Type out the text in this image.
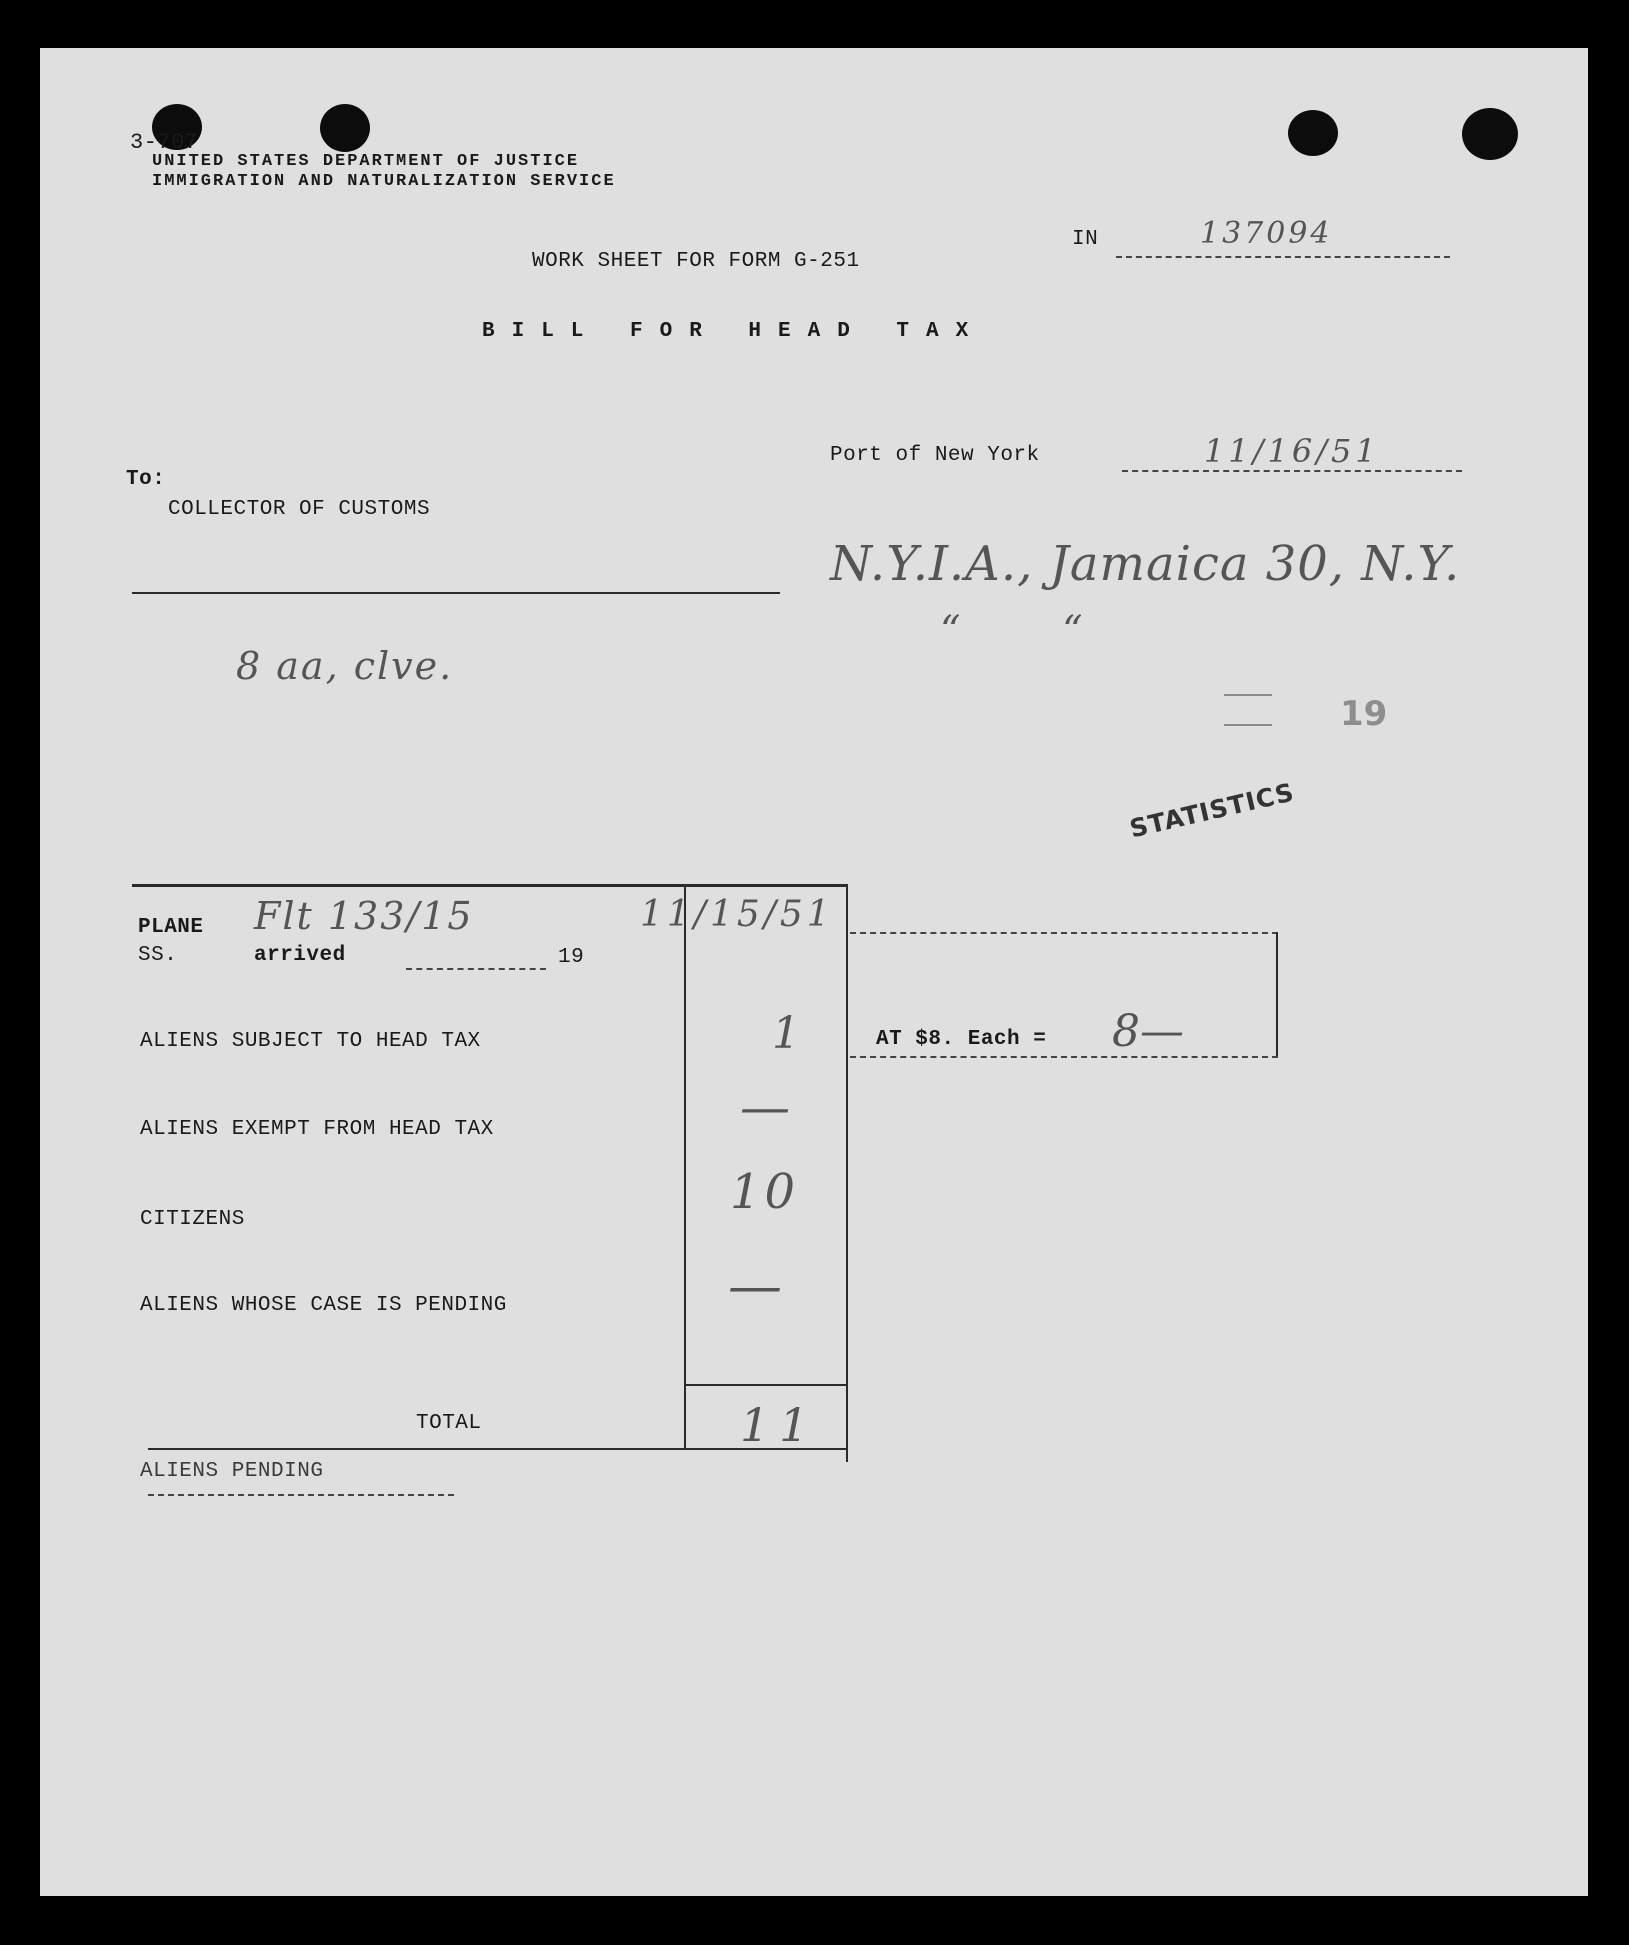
3-707
UNITED STATES DEPARTMENT OF JUSTICE
IMMIGRATION AND NATURALIZATION SERVICE
IN	137094
WORK SHEET FOR FORM G-251
BILL FOR HEAD TAX
Port of New York	11/16/51
To:
COLLECTOR OF CUSTOMS
8 aa, clve.
N.Y.I.A., Jamaica 30, N.Y.
“        “
19
STATISTICS
AT $8. Each = 8—
PLANE
SS.	arrived	19
Flt 133/15	11/15/51
ALIENS SUBJECT TO HEAD TAX	1
ALIENS EXEMPT FROM HEAD TAX	—
CITIZENS	10
ALIENS WHOSE CASE IS PENDING	—
TOTAL	11
ALIENS PENDING
